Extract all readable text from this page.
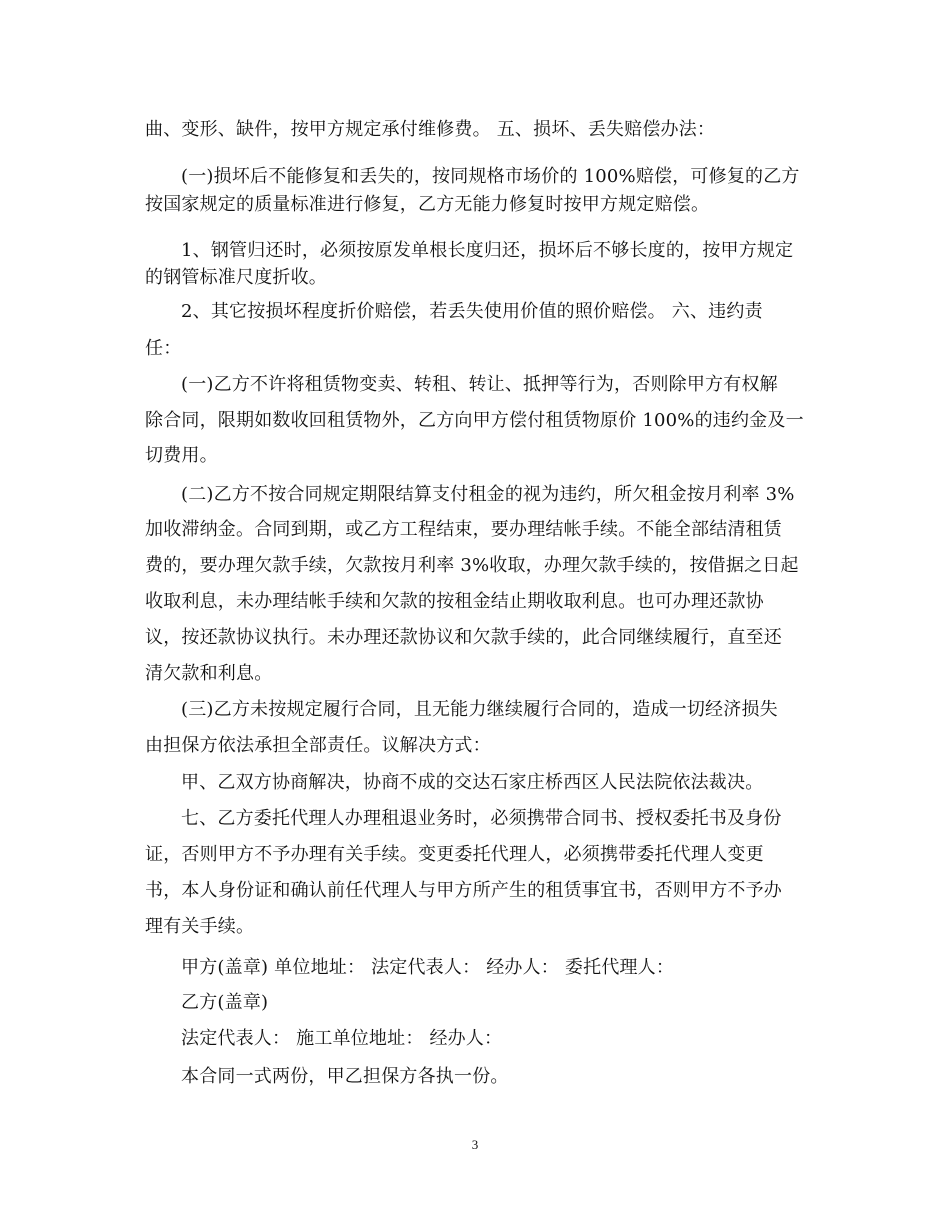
曲、变形、缺件，按甲方规定承付维修费。 五、损坏、丢失赔偿办法：
(一)损坏后不能修复和丢失的，按同规格市场价的 100%赔偿，可修复的乙方
按国家规定的质量标准进行修复，乙方无能力修复时按甲方规定赔偿。
1、钢管归还时，必须按原发单根长度归还，损坏后不够长度的，按甲方规定
的钢管标准尺度折收。
2、其它按损坏程度折价赔偿，若丢失使用价值的照价赔偿。 六、违约责
任：
(一)乙方不许将租赁物变卖、转租、转让、抵押等行为，否则除甲方有权解
除合同，限期如数收回租赁物外，乙方向甲方偿付租赁物原价 100%的违约金及一
切费用。
(二)乙方不按合同规定期限结算支付租金的视为违约，所欠租金按月利率 3%
加收滞纳金。合同到期，或乙方工程结束，要办理结帐手续。不能全部结清租赁
费的，要办理欠款手续，欠款按月利率 3%收取，办理欠款手续的，按借据之日起
收取利息，未办理结帐手续和欠款的按租金结止期收取利息。也可办理还款协
议，按还款协议执行。未办理还款协议和欠款手续的，此合同继续履行，直至还
清欠款和利息。
(三)乙方未按规定履行合同，且无能力继续履行合同的，造成一切经济损失
由担保方依法承担全部责任。议解决方式：
甲、乙双方协商解决，协商不成的交达石家庄桥西区人民法院依法裁决。
七、乙方委托代理人办理租退业务时，必须携带合同书、授权委托书及身份
证，否则甲方不予办理有关手续。变更委托代理人，必须携带委托代理人变更
书，本人身份证和确认前任代理人与甲方所产生的租赁事宜书，否则甲方不予办
理有关手续。
甲方(盖章) 单位地址： 法定代表人： 经办人： 委托代理人：
乙方(盖章)
法定代表人： 施工单位地址： 经办人：
本合同一式两份，甲乙担保方各执一份。
3
